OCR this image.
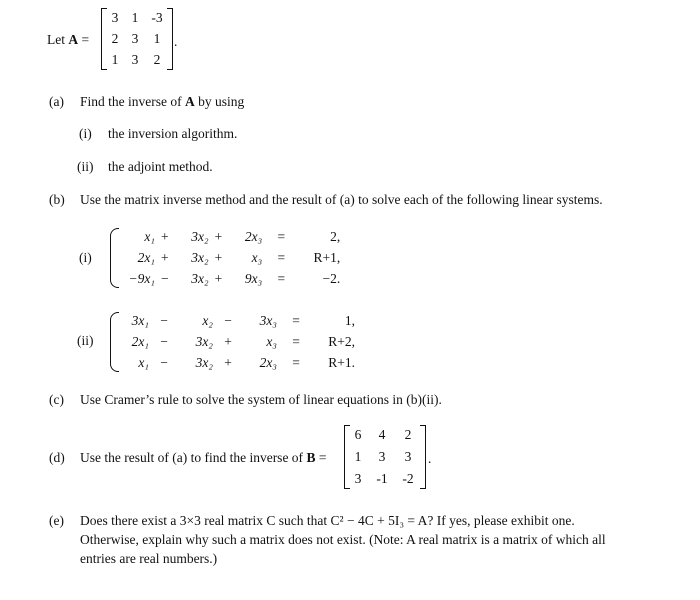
Let A =
3 1 -3
2 3	1
1 3	2
.
(a) Find the inverse of A by using
(i) the inversion algorithm.
(ii) the adjoint method.
(b) Use the matrix inverse method and the result of (a) to solve each of the following linear systems.
(i)
x₁	+	3x₂	+	2x₃	=	2,
2x₁	+	3x₂	+	x₃	=	R+1,
−9x₁	−	3x₂	+	9x₃	=	−2.
(ii)
3x₁	−	x₂	−	3x₃	=	1,
2x₁	−	3x₂	+	x₃	=	R+2,
x₁	−	3x₂	+	2x₃	=	R+1.
(c) Use Cramer’s rule to solve the system of linear equations in (b)(ii).
(d) Use the result of (a) to find the inverse of B =
6	4	2
1	3	3
3	-1	-2
.
(e) Does there exist a 3×3 real matrix C such that C² − 4C + 5I₃ = A? If yes, please exhibit one.
Otherwise, explain why such a matrix does not exist. (Note: A real matrix is a matrix of which all
entries are real numbers.)
